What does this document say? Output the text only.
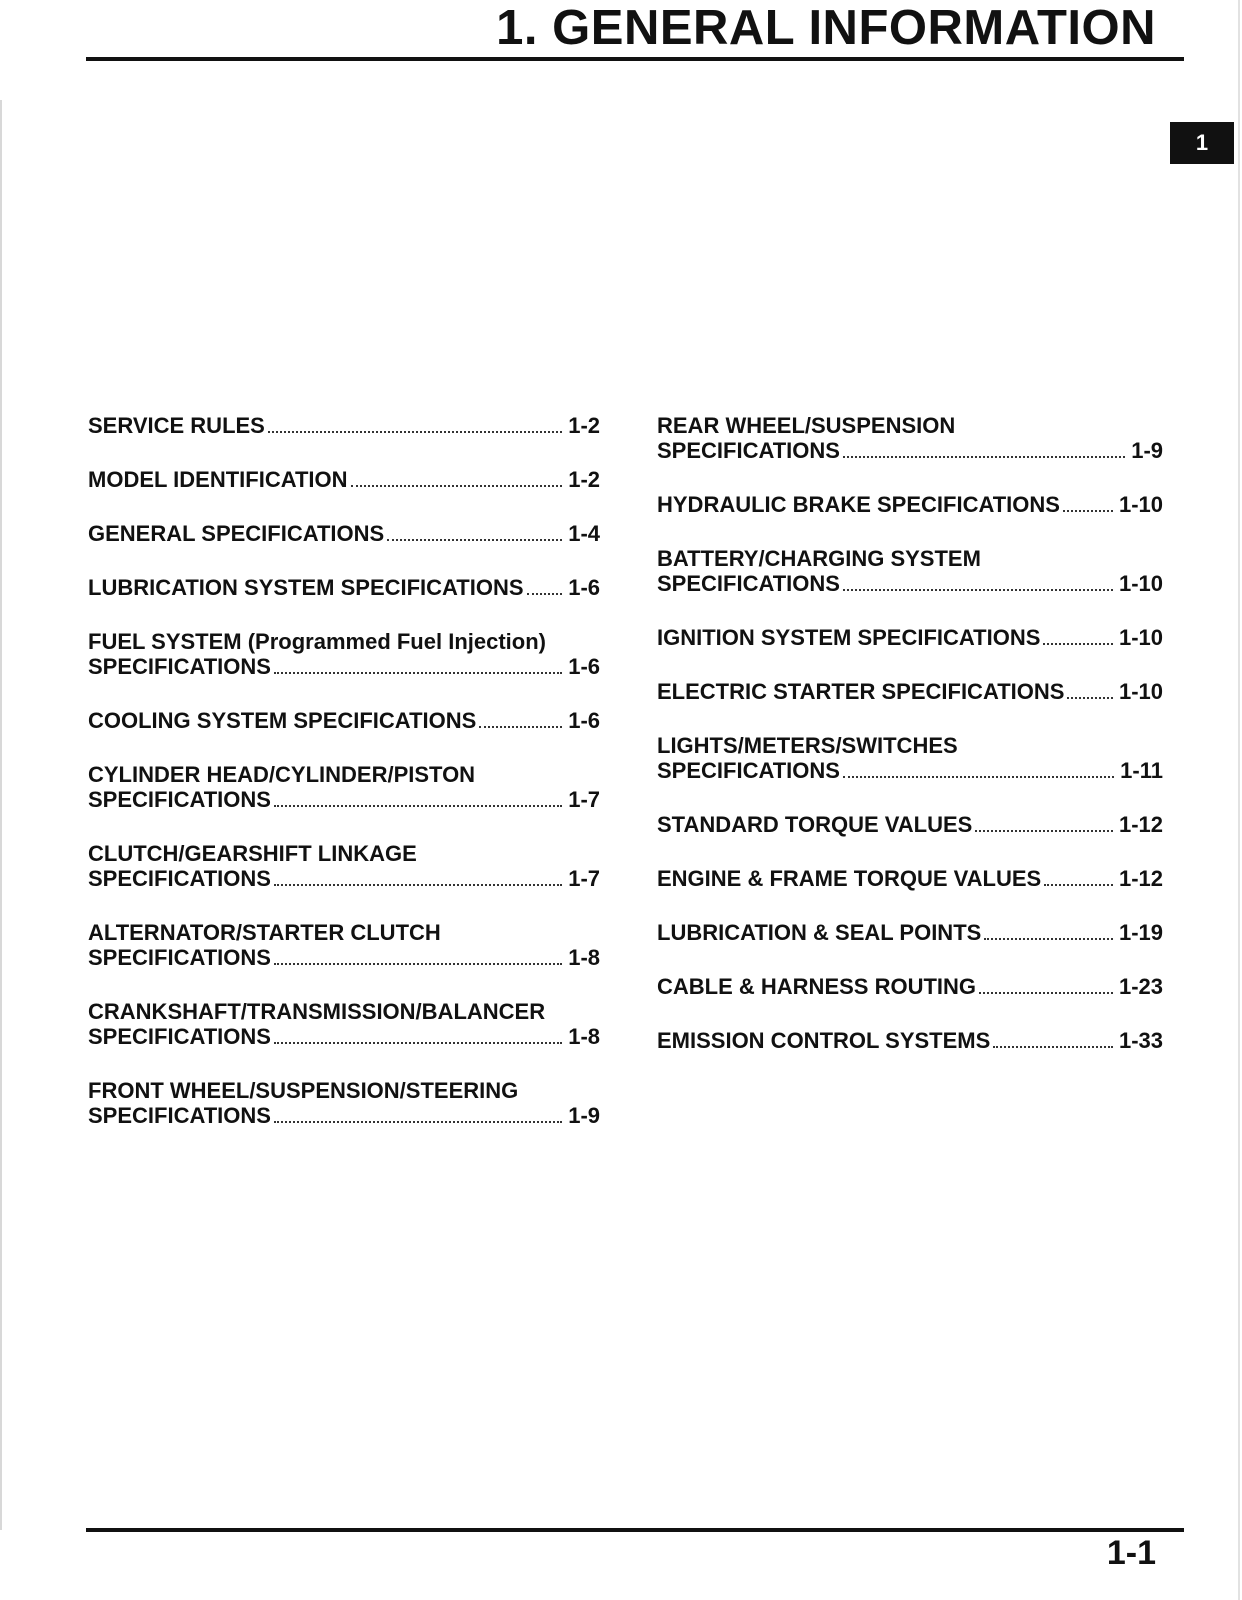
1. GENERAL INFORMATION
1
SERVICE RULES	1-2
MODEL IDENTIFICATION	1-2
GENERAL SPECIFICATIONS	1-4
LUBRICATION SYSTEM SPECIFICATIONS 1-6
FUEL SYSTEM (Programmed Fuel Injection)
SPECIFICATIONS	1-6
COOLING SYSTEM SPECIFICATIONS	1-6
CYLINDER HEAD/CYLINDER/PISTON
SPECIFICATIONS	1-7
CLUTCH/GEARSHIFT LINKAGE
SPECIFICATIONS	1-7
ALTERNATOR/STARTER CLUTCH
SPECIFICATIONS	1-8
CRANKSHAFT/TRANSMISSION/BALANCER
SPECIFICATIONS	1-8
FRONT WHEEL/SUSPENSION/STEERING
SPECIFICATIONS	1-9
REAR WHEEL/SUSPENSION
SPECIFICATIONS	1-9
HYDRAULIC BRAKE SPECIFICATIONS	1-10
BATTERY/CHARGING SYSTEM
SPECIFICATIONS	1-10
IGNITION SYSTEM SPECIFICATIONS	1-10
ELECTRIC STARTER SPECIFICATIONS 1-10
LIGHTS/METERS/SWITCHES
SPECIFICATIONS	1-11
STANDARD TORQUE VALUES	1-12
ENGINE & FRAME TORQUE VALUES	1-12
LUBRICATION & SEAL POINTS	1-19
CABLE & HARNESS ROUTING	1-23
EMISSION CONTROL SYSTEMS	1-33
1-1
